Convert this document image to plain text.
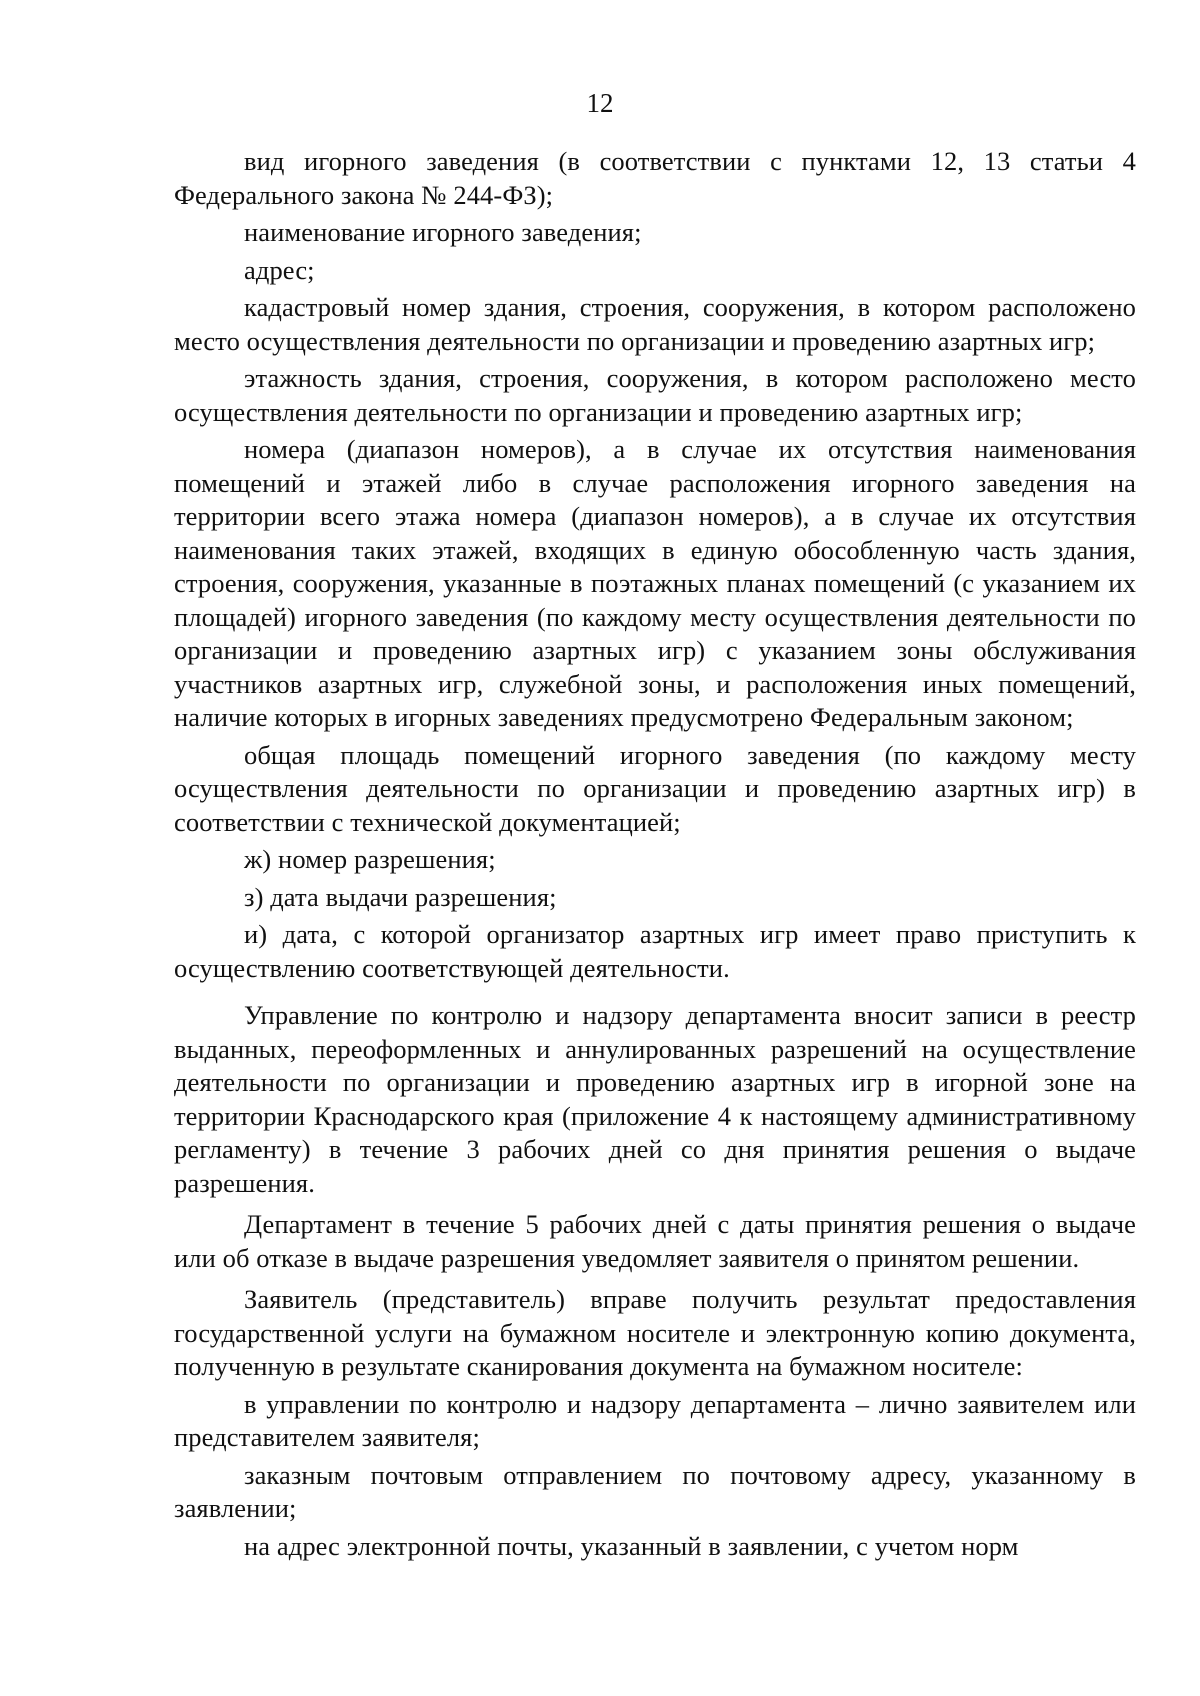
12

вид игорного заведения (в соответствии с пунктами 12, 13 статьи 4 Федерального закона № 244-ФЗ);

наименование игорного заведения;

адрес;

кадастровый номер здания, строения, сооружения, в котором расположено место осуществления деятельности по организации и проведению азартных игр;

этажность здания, строения, сооружения, в котором расположено место осуществления деятельности по организации и проведению азартных игр;

номера (диапазон номеров), а в случае их отсутствия наименования помещений и этажей либо в случае расположения игорного заведения на территории всего этажа номера (диапазон номеров), а в случае их отсутствия наименования таких этажей, входящих в единую обособленную часть здания, строения, сооружения, указанные в поэтажных планах помещений (с указанием их площадей) игорного заведения (по каждому месту осуществления деятельности по организации и проведению азартных игр) с указанием зоны обслуживания участников азартных игр, служебной зоны, и расположения иных помещений, наличие которых в игорных заведениях предусмотрено Федеральным законом;

общая площадь помещений игорного заведения (по каждому месту осуществления деятельности по организации и проведению азартных игр) в соответствии с технической документацией;

ж) номер разрешения;

з) дата выдачи разрешения;

и) дата, с которой организатор азартных игр имеет право приступить к осуществлению соответствующей деятельности.

Управление по контролю и надзору департамента вносит записи в реестр выданных, переоформленных и аннулированных разрешений на осуществление деятельности по организации и проведению азартных игр в игорной зоне на территории Краснодарского края (приложение 4 к настоящему административному регламенту) в течение 3 рабочих дней со дня принятия решения о выдаче разрешения.

Департамент в течение 5 рабочих дней с даты принятия решения о выдаче или об отказе в выдаче разрешения уведомляет заявителя о принятом решении.

Заявитель (представитель) вправе получить результат предоставления государственной услуги на бумажном носителе и электронную копию документа, полученную в результате сканирования документа на бумажном носителе:

в управлении по контролю и надзору департамента – лично заявителем или представителем заявителя;

заказным почтовым отправлением по почтовому адресу, указанному в заявлении;

на адрес электронной почты, указанный в заявлении, с учетом норм
